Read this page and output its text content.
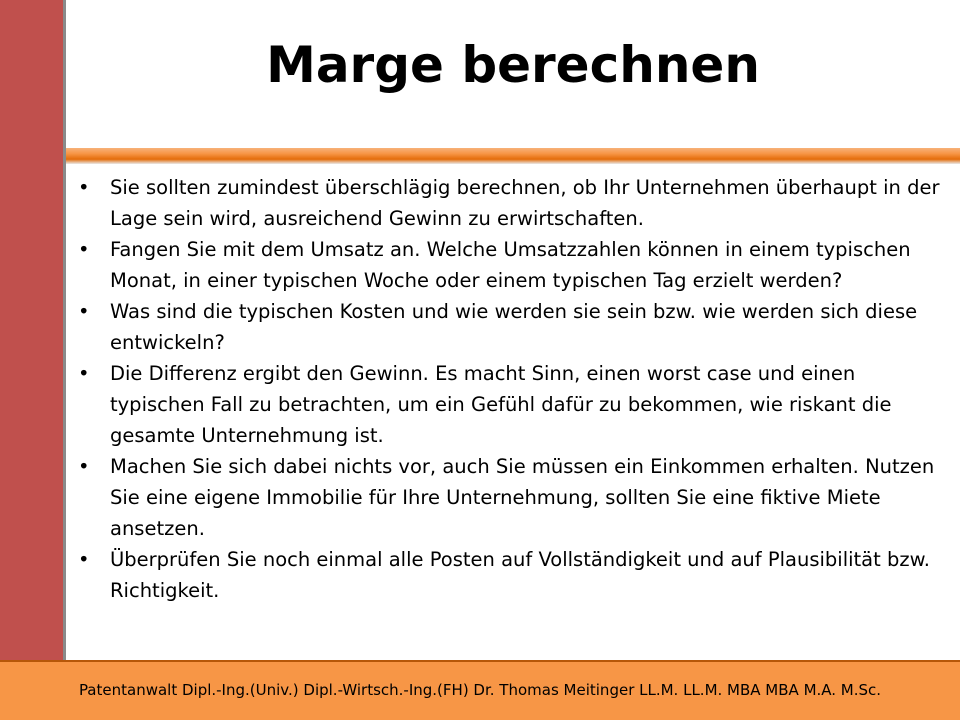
Marge berechnen
• Sie sollten zumindest überschlägig berechnen, ob Ihr Unternehmen überhaupt in der Lage sein wird, ausreichend Gewinn zu erwirtschaften.
• Fangen Sie mit dem Umsatz an. Welche Umsatzzahlen können in einem typischen Monat, in einer typischen Woche oder einem typischen Tag erzielt werden?
• Was sind die typischen Kosten und wie werden sie sein bzw. wie werden sich diese entwickeln?
• Die Differenz ergibt den Gewinn. Es macht Sinn, einen worst case und einen typischen Fall zu betrachten, um ein Gefühl dafür zu bekommen, wie riskant die gesamte Unternehmung ist.
• Machen Sie sich dabei nichts vor, auch Sie müssen ein Einkommen erhalten. Nutzen Sie eine eigene Immobilie für Ihre Unternehmung, sollten Sie eine fiktive Miete ansetzen.
• Überprüfen Sie noch einmal alle Posten auf Vollständigkeit und auf Plausibilität bzw. Richtigkeit.
Patentanwalt Dipl.-Ing.(Univ.) Dipl.-Wirtsch.-Ing.(FH) Dr. Thomas Meitinger LL.M. LL.M. MBA MBA M.A. M.Sc.
